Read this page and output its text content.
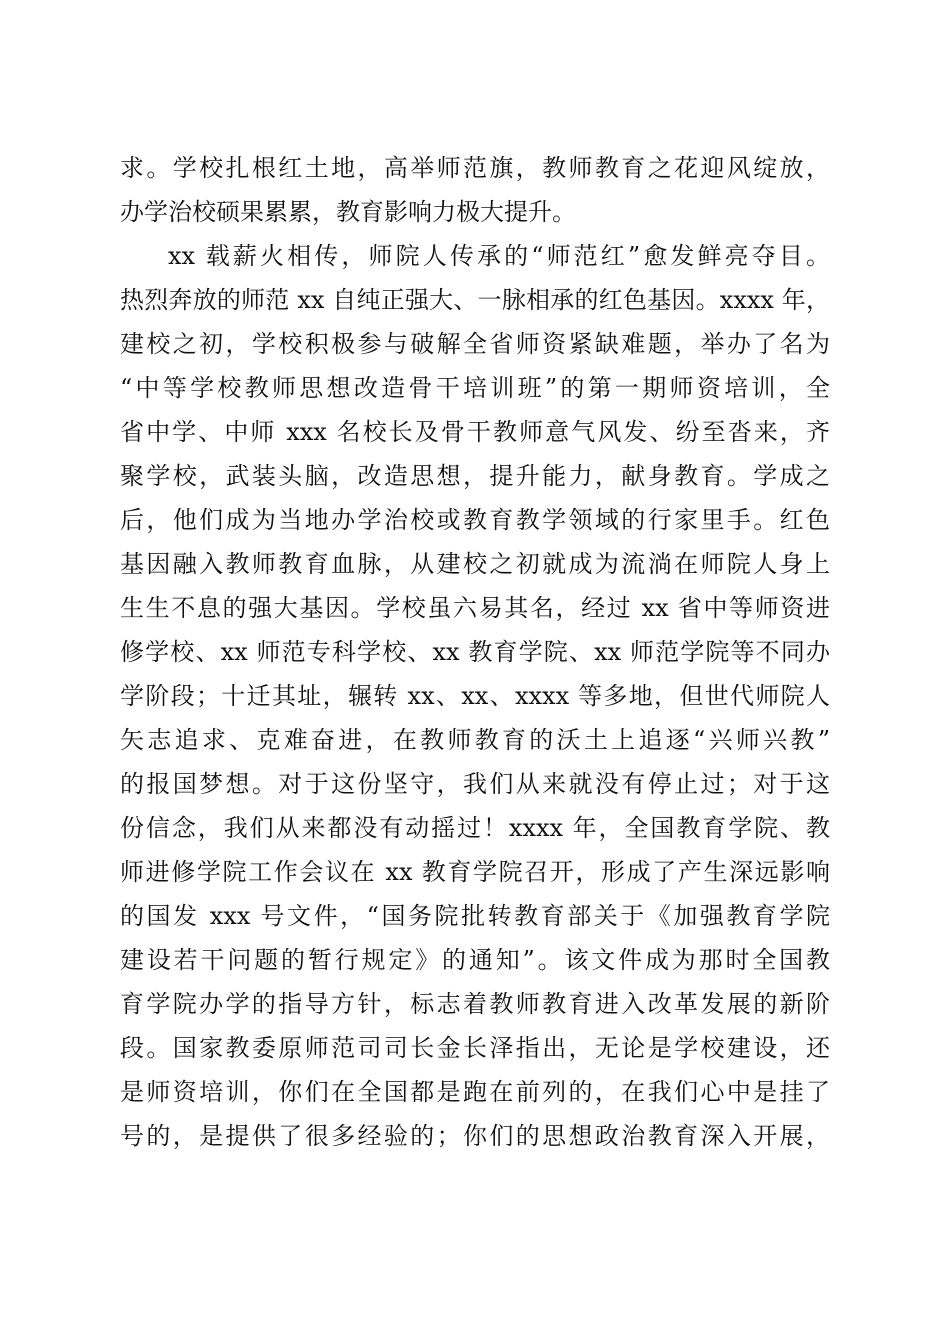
求。学校扎根红土地，高举师范旗，教师教育之花迎风绽放，
办学治校硕果累累，教育影响力极大提升。
xx 载薪火相传，师院人传承的“师范红”愈发鲜亮夺目。
热烈奔放的师范 xx 自纯正强大、一脉相承的红色基因。xxxx 年，
建校之初，学校积极参与破解全省师资紧缺难题，举办了名为
“中等学校教师思想改造骨干培训班”的第一期师资培训，全
省中学、中师 xxx 名校长及骨干教师意气风发、纷至沓来，齐
聚学校，武装头脑，改造思想，提升能力，献身教育。学成之
后，他们成为当地办学治校或教育教学领域的行家里手。红色
基因融入教师教育血脉，从建校之初就成为流淌在师院人身上
生生不息的强大基因。学校虽六易其名，经过 xx 省中等师资进
修学校、xx 师范专科学校、xx 教育学院、xx 师范学院等不同办
学阶段；十迁其址，辗转 xx、xx、xxxx 等多地，但世代师院人
矢志追求、克难奋进，在教师教育的沃土上追逐“兴师兴教”
的报国梦想。对于这份坚守，我们从来就没有停止过；对于这
份信念，我们从来都没有动摇过！xxxx 年，全国教育学院、教
师进修学院工作会议在 xx 教育学院召开，形成了产生深远影响
的国发 xxx 号文件，“国务院批转教育部关于《加强教育学院
建设若干问题的暂行规定》的通知”。该文件成为那时全国教
育学院办学的指导方针，标志着教师教育进入改革发展的新阶
段。国家教委原师范司司长金长泽指出，无论是学校建设，还
是师资培训，你们在全国都是跑在前列的，在我们心中是挂了
号的，是提供了很多经验的；你们的思想政治教育深入开展，
